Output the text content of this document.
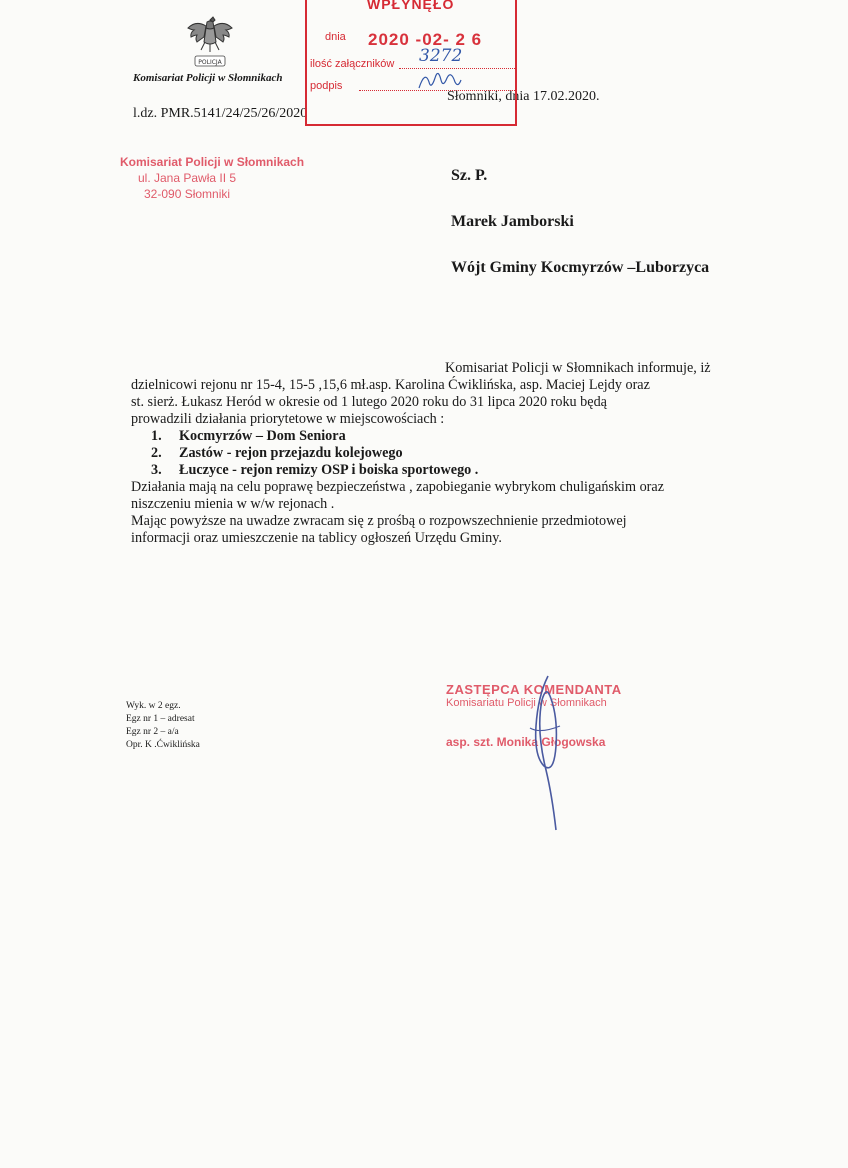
POLICJA
Komisariat Policji w Słomnikach
l.dz. PMR.5141/24/25/26/2020
Słomniki, dnia 17.02.2020.
WPŁYNĘŁO
dnia 2020 -02- 2 6
ilość załączników 3272
podpis
Komisariat Policji w Słomnikach
ul. Jana Pawła II 5
32-090 Słomniki
Sz. P.
Marek Jamborski
Wójt Gminy Kocmyrzów –Luborzyca
Komisariat Policji w Słomnikach informuje, iż
dzielnicowi rejonu nr 15-4, 15-5 ,15,6 mł.asp. Karolina Ćwiklińska, asp. Maciej Lejdy oraz
st. sierż. Łukasz Heród w okresie od 1 lutego 2020 roku do 31 lipca 2020 roku będą
prowadzili działania priorytetowe w miejscowościach :
1. Kocmyrzów – Dom Seniora
2. Zastów - rejon przejazdu kolejowego
3. Łuczyce - rejon remizy OSP i boiska sportowego .
Działania mają na celu poprawę bezpieczeństwa , zapobieganie wybrykom chuligańskim oraz
niszczeniu mienia w w/w rejonach .
Mając powyższe na uwadze zwracam się z prośbą o rozpowszechnienie przedmiotowej
informacji oraz umieszczenie na tablicy ogłoszeń Urzędu Gminy.
Wyk. w 2 egz.
Egz nr 1 – adresat
Egz nr 2 – a/a
Opr. K .Ćwiklińska
ZASTĘPCA KOMENDANTA
Komisariatu Policji w Słomnikach
asp. szt. Monika Głogowska
